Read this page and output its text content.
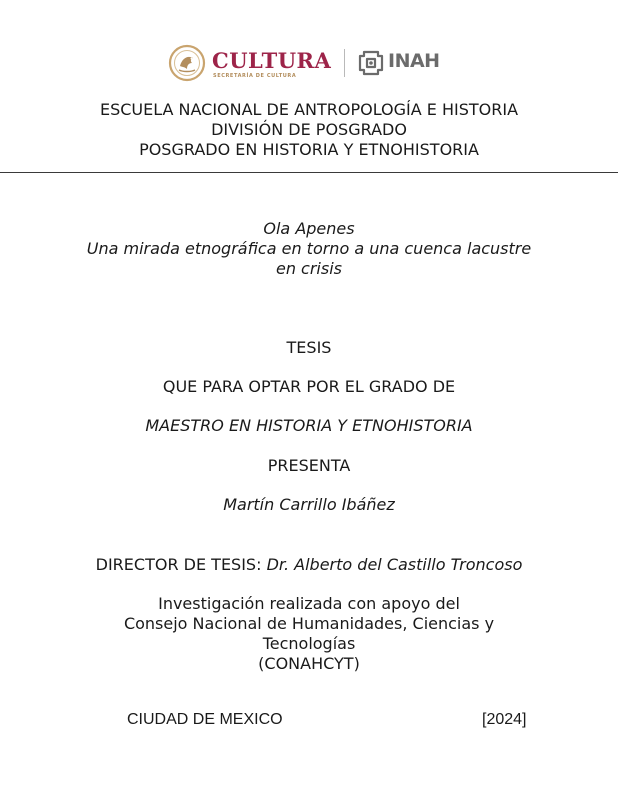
CULTURA
SECRETARÍA DE CULTURA
INAH
ESCUELA NACIONAL DE ANTROPOLOGÍA E HISTORIA
DIVISIÓN DE POSGRADO
POSGRADO EN HISTORIA Y ETNOHISTORIA
Ola Apenes
Una mirada etnográfica en torno a una cuenca lacustre
en crisis
TESIS
QUE PARA OPTAR POR EL GRADO DE
MAESTRO EN HISTORIA Y ETNOHISTORIA
PRESENTA
Martín Carrillo Ibáñez
DIRECTOR DE TESIS: Dr. Alberto del Castillo Troncoso
Investigación realizada con apoyo del
Consejo Nacional de Humanidades, Ciencias y
Tecnologías
(CONAHCYT)
CIUDAD DE MEXICO	[2024]
